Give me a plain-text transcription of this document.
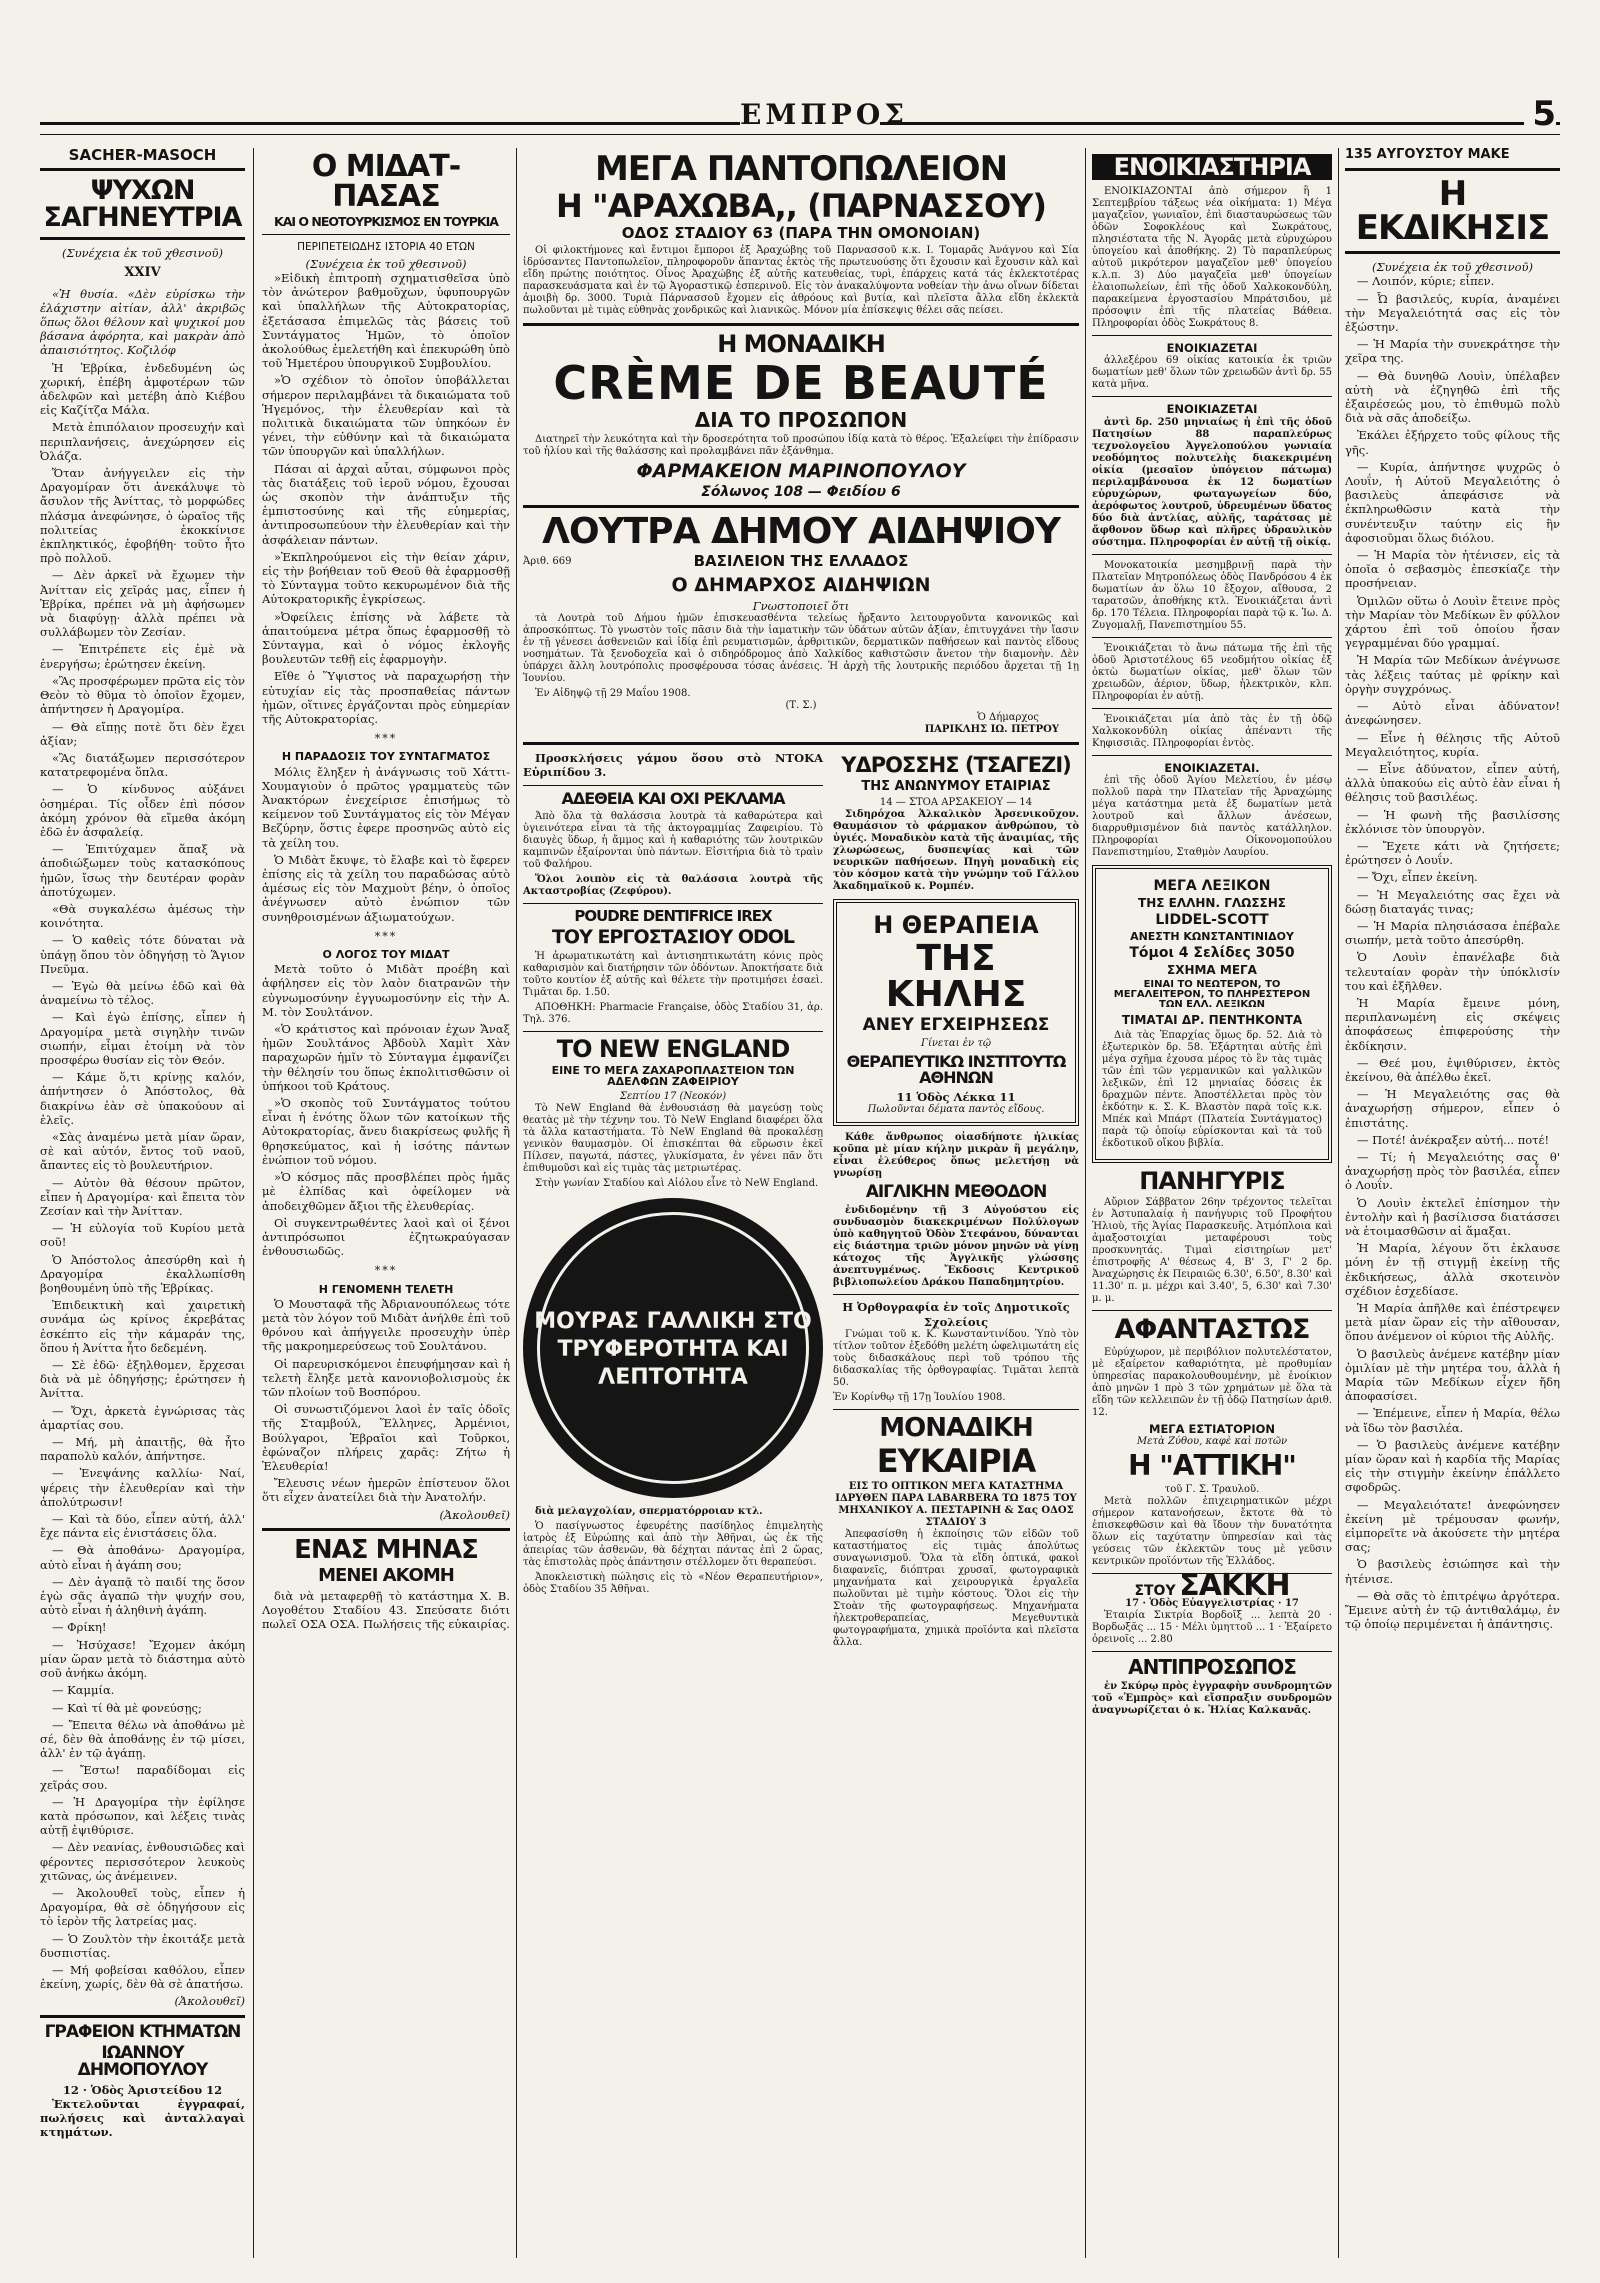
ΕΜΠΡΟΣ	5
SACHER-MASOCH
ΨΥΧΩΝ ΣΑΓΗΝΕΥΤΡΙΑ
(Συνέχεια ἐκ τοῦ χθεσινοῦ)
XXIV

«Ἡ θυσία. «Δὲν εὑρίσκω τὴν ἐλάχιστην αἰτίαν, ἀλλ' ἀκριβῶς ὅπως ὅλοι θέλουν καὶ ψυχικοί μου βάσανα ἀφόρητα, καὶ μακρὰν ἀπὸ ἀπαισιότητος. Κοζιλόφ

Ἡ Ἐβρίκα, ἐνδεδυμένη ὡς χωρική, ἐπέβη ἀμφοτέρων τῶν ἀδελφῶν καὶ μετέβη ἀπὸ Κιέβου εἰς Καζίτζα Μάλα.

Μετὰ ἐπιπόλαιον προσευχήν καὶ περιπλανήσεις, ἀνεχώρησεν εἰς Ὀλάζα.

Ὅταν ἀνήγγειλεν εἰς τὴν Δραγομίραν ὅτι ἀνεκάλυψε τὸ ἄσυλον τῆς Ἀνίττας, τὸ μορφώδες πλάσμα ἀνεφώνησε, ὁ ὡραῖος τῆς πολιτείας ἐκοκκίνισε ἐκπληκτικός, ἐφοβήθη· τοῦτο ἦτο πρὸ πολλοῦ.

— Δὲν ἀρκεῖ νὰ ἔχωμεν τὴν Ἀνίτταν εἰς χεῖράς μας, εἶπεν ἡ Ἐβρίκα, πρέπει νὰ μὴ ἀφήσωμεν νὰ διαφύγῃ· ἀλλὰ πρέπει νὰ συλλάβωμεν τὸν Ζεσίαν.

— Ἐπιτρέπετε εἰς ἐμὲ νὰ ἐνεργήσω; ἐρώτησεν ἐκείνη.

«Ἂς προσφέρωμεν πρῶτα εἰς τὸν Θεὸν τὸ θῦμα τὸ ὁποῖον ἔχομεν, ἀπήντησεν ἡ Δραγομίρα.

— Θὰ εἴπῃς ποτὲ ὅτι δὲν ἔχει ἀξίαν;

«Ἂς διατάξωμεν περισσότερον κατατρεφομένα ὅπλα.

— Ὁ κίνδυνος αὐξάνει ὁσημέραι. Τίς οἶδεν ἐπὶ πόσον ἀκόμη χρόνον θὰ εἴμεθα ἀκόμη ἐδῶ ἐν ἀσφαλείᾳ.

— Ἐπιτύχαμεν ἅπαξ νὰ ἀποδιώξωμεν τοὺς κατασκόπους ἡμῶν, ἴσως τὴν δευτέραν φορὰν ἀποτύχωμεν.

«Θὰ συγκαλέσω ἀμέσως τὴν κοινότητα.

— Ὁ καθεὶς τότε δύναται νὰ ὑπάγῃ ὅπου τὸν ὁδηγήσῃ τὸ Ἅγιον Πνεῦμα.

— Ἐγὼ θὰ μείνω ἐδῶ καὶ θὰ ἀναμείνω τὸ τέλος.

— Καὶ ἐγὼ ἐπίσης, εἶπεν ἡ Δραγομίρα μετὰ σιγηλὴν τινῶν σιωπήν, εἶμαι ἑτοίμη νὰ τὸν προσφέρω θυσίαν εἰς τὸν Θεόν.

— Κάμε ὅ,τι κρίνῃς καλόν, ἀπήντησεν ὁ Ἀπόστολος, θὰ διακρίνω ἐὰν σὲ ὑπακούουν αἱ ἐλεῖς.

«Σὰς ἀναμένω μετὰ μίαν ὥραν, σὲ καὶ αὐτόν, ἔντος τοῦ ναοῦ, ἄπαντες εἰς τὸ βουλευτήριον.

— Αὐτὸν θὰ θέσουν πρῶτον, εἶπεν ἡ Δραγομίρα· καὶ ἔπειτα τὸν Ζεσίαν καὶ τὴν Ἀνίτταν.

— Ἡ εὐλογία τοῦ Κυρίου μετὰ σοῦ!

Ὁ Ἀπόστολος ἀπεσύρθη καὶ ἡ Δραγομίρα ἐκαλλωπίσθη βοηθουμένη ὑπὸ τῆς Ἐβρίκας.

Ἐπιδεικτικὴ καὶ χαιρετικὴ συνάμα ὡς κρίνος ἐκρεβάτας ἐσκέπτο εἰς τὴν κάμαράν της, ὅπου ἡ Ἀνίττα ἦτο δεδεμένη.

— Σὲ ἐδῶ· ἐξηλθομεν, ἔρχεσαι διὰ νὰ μὲ ὁδηγήσῃς; ἐρώτησεν ἡ Ἀνίττα.

— Ὄχι, ἀρκετὰ ἐγνώρισας τὰς ἁμαρτίας σου.

— Μή, μὴ ἀπαιτῇς, θὰ ἦτο παραπολὺ καλόν, ἀπήντησε.

— Ἐνεψάνης καλλίω· Ναί, ψέρεις τὴν ἐλευθερίαν καὶ τὴν ἀπολύτρωσιν!

— Καὶ τὰ δύο, εἶπεν αὐτή, ἀλλ' ἔχε πάντα εἰς ἐνιστάσεις ὅλα.

— Θὰ ἀποθάνω· Δραγομίρα, αὐτὸ εἶναι ἡ ἀγάπη σου;

— Δὲν ἀγαπᾷ τὸ παιδί της ὅσον ἐγὼ σᾶς ἀγαπῶ τὴν ψυχήν σου, αὐτὸ εἶναι ἡ ἀληθινὴ ἀγάπη.

— Φρίκη!

— Ἠσύχασε! Ἔχομεν ἀκόμη μίαν ὥραν μετὰ τὸ διάστημα αὐτὸ σοῦ ἀνήκω ἀκόμη.

— Καμμία.

— Καὶ τί θὰ μὲ φονεύσῃς;

— Ἔπειτα θέλω νὰ ἀποθάνω μὲ σέ, δὲν θὰ ἀποθάνῃς ἐν τῷ μίσει, ἀλλ' ἐν τῷ ἀγάπῃ.

— Ἔστω! παραδίδομαι εἰς χεῖράς σου.

— Ἡ Δραγομίρα τὴν ἐφίλησε κατὰ πρόσωπον, καὶ λέξεις τινὰς αὐτῇ ἐψιθύρισε.

— Δὲν νεανίας, ἐνθουσιῶδες καὶ φέροντες περισσότερον λευκοὺς χιτῶνας, ὡς ἀνέμεινεν.

— Ἀκολουθεῖ τοὺς, εἶπεν ἡ Δραγομίρα, θὰ σὲ ὁδηγήσουν εἰς τὸ ἱερὸν τῆς λατρείας μας.

— Ὁ Ζουλτὸν τὴν ἐκοιτάξε μετὰ δυσπιστίας.

— Μή φοβείσαι καθόλου, εἶπεν ἐκείνη, χωρίς, δὲν θὰ σὲ ἀπατήσω.

(Ἀκολουθεῖ)
ΓΡΑΦΕΙΟΝ ΚΤΗΜΑΤΩΝ
ΙΩΑΝΝΟΥ ΔΗΜΟΠΟΥΛΟΥ
12 · Ὁδὸς Ἀριστείδου 12

Ἐκτελοῦνται ἐγγραφαί, πωλήσεις καὶ ἀνταλλαγαὶ κτημάτων.

Ο ΜΙΔΑΤ-ΠΑΣΑΣ
ΚΑΙ Ο ΝΕΟΤΟΥΡΚΙΣΜΟΣ ΕΝ ΤΟΥΡΚΙΑ
ΠΕΡΙΠΕΤΕΙΩΔΗΣ ΙΣΤΟΡΙΑ 40 ΕΤΩΝ
(Συνέχεια ἐκ τοῦ χθεσινοῦ)

»Εἰδικὴ ἐπιτροπὴ σχηματισθεῖσα ὑπὸ τὸν ἀνώτερον βαθμοῦχων, ὑφυπουργῶν καὶ ὑπαλλήλων τῆς Αὐτοκρατορίας, ἐξετάσασα ἐπιμελῶς τὰς βάσεις τοῦ Συντάγματος Ἡμῶν, τὸ ὁποῖον ἀκολούθως ἐμελετήθη καὶ ἐπεκυρώθη ὑπὸ τοῦ Ἡμετέρου ὑπουργικοῦ Συμβουλίου.

»Ὁ σχέδιον τὸ ὁποῖον ὑποβάλλεται σήμερον περιλαμβάνει τὰ δικαιώματα τοῦ Ἡγεμόνος, τὴν ἐλευθερίαν καὶ τὰ πολιτικὰ δικαιώματα τῶν ὑπηκόων ἐν γένει, τὴν εὐθύνην καὶ τὰ δικαιώματα τῶν ὑπουργῶν καὶ ὑπαλλήλων.

Πάσαι αἱ ἀρχαὶ αὗται, σύμφωνοι πρὸς τὰς διατάξεις τοῦ ἱεροῦ νόμου, ἔχουσαι ὡς σκοπὸν τὴν ἀνάπτυξιν τῆς ἐμπιστοσύνης καὶ τῆς εὐημερίας, ἀντιπροσωπεύουν τὴν ἐλευθερίαν καὶ τὴν ἀσφάλειαν πάντων.

»Ἐκπληρούμενοι εἰς τὴν θείαν χάριν, εἰς τὴν βοήθειαν τοῦ Θεοῦ θὰ ἐφαρμοσθῇ τὸ Σύνταγμα τοῦτο κεκυρωμένον διὰ τῆς Αὐτοκρατορικῆς ἐγκρίσεως.

»Ὀφείλεις ἐπίσης νὰ λάβετε τὰ ἀπαιτούμενα μέτρα ὅπως ἐφαρμοσθῇ τὸ Σύνταγμα, καὶ ὁ νόμος ἐκλογῆς βουλευτῶν τεθῇ εἰς ἐφαρμογὴν.

Εἴθε ὁ Ὕψιστος νὰ παραχωρήσῃ τὴν εὐτυχίαν εἰς τὰς προσπαθείας πάντων ἡμῶν, οἵτινες ἐργάζονται πρὸς εὐημερίαν τῆς Αὐτοκρατορίας.

***
Η ΠΑΡΑΔΟΣΙΣ ΤΟΥ ΣΥΝΤΑΓΜΑΤΟΣ

Μόλις ἔληξεν ἡ ἀνάγνωσις τοῦ Χάττι-Χουμαγιοὺν ὁ πρῶτος γραμματεὺς τῶν Ἀνακτόρων ἐνεχείρισε ἐπισήμως τὸ κείμενον τοῦ Συντάγματος εἰς τὸν Μέγαν Βεζύρην, ὅστις ἐφερε προσηνῶς αὐτὸ εἰς τὰ χείλη του.

Ὁ Μιδὰτ ἔκυψε, τὸ ἔλαβε καὶ τὸ ἔφερεν ἐπίσης εἰς τὰ χείλη του παραδώσας αὐτὸ ἀμέσως εἰς τὸν Μαχμοὺτ βέην, ὁ ὁποῖος ἀνέγνωσεν αὐτὸ ἐνώπιον τῶν συνηθροισμένων ἀξιωματούχων.

***
Ο ΛΟΓΟΣ ΤΟΥ ΜΙΔΑΤ

Μετὰ τοῦτο ὁ Μιδὰτ προέβη καὶ ἀφήλησεν εἰς τὸν λαὸν διατρανῶν τὴν εὐγνωμοσύνην ἐγγυωμοσύνην εἰς τὴν Α. Μ. τὸν Σουλτάνον.

«Ὁ κράτιστος καὶ πρόνοιαν ἐχων Ἄναξ ἡμῶν Σουλτάνος Ἀβδοὺλ Χαμὶτ Χὰν παραχωρῶν ἡμῖν τὸ Σύνταγμα ἐμφανίζει τὴν θέλησίν του ὅπως ἐκπολιτισθῶσιν οἱ ὑπήκοοι τοῦ Κράτους.

»Ὁ σκοπὸς τοῦ Συντάγματος τούτου εἶναι ἡ ἑνότης ὅλων τῶν κατοίκων τῆς Αὐτοκρατορίας, ἄνευ διακρίσεως φυλῆς ἢ θρησκεύματος, καὶ ἡ ἰσότης πάντων ἐνώπιον τοῦ νόμου.

»Ὁ κόσμος πᾶς προσβλέπει πρὸς ἡμᾶς μὲ ἐλπίδας καὶ ὀφείλομεν νὰ ἀποδειχθῶμεν ἄξιοι τῆς ἐλευθερίας.

Οἱ συγκεντρωθέντες λαοὶ καὶ οἱ ξένοι ἀντιπρόσωποι ἐζητωκραύγασαν ἐνθουσιωδῶς.

***
Η ΓΕΝΟΜΕΝΗ ΤΕΛΕΤΗ

Ὁ Μουσταφᾶ τῆς Ἀδριανουπόλεως τότε μετὰ τὸν λόγον τοῦ Μιδὰτ ἀνήλθε ἐπὶ τοῦ θρόνου καὶ ἀπήγγειλε προσευχὴν ὑπὲρ τῆς μακροημερεύσεως τοῦ Σουλτάνου.

Οἱ παρευρισκόμενοι ἐπευφήμησαν καὶ ἡ τελετὴ ἔληξε μετὰ κανονιοβολισμοὺς ἐκ τῶν πλοίων τοῦ Βοσπόρου.

Οἱ συνωστιζόμενοι λαοὶ ἐν ταῖς ὁδοῖς τῆς Σταμβούλ, Ἕλληνες, Ἀρμένιοι, Βούλγαροι, Ἑβραῖοι καὶ Τοῦρκοι, ἐφώναζον πλήρεις χαρᾶς: Ζήτω ἡ Ἐλευθερία!

Ἔλευσις νέων ἡμερῶν ἐπίστευον ὅλοι ὅτι εἶχεν ἀνατείλει διὰ τὴν Ἀνατολήν.

(Ἀκολουθεῖ)
ΕΝΑΣ ΜΗΝΑΣ
ΜΕΝΕΙ ΑΚΟΜΗ

διὰ νὰ μεταφερθῇ τὸ κατάστημα Χ. Β. Λογοθέτου Σταδίου 43. Σπεύσατε διότι πωλεῖ ΟΣΑ ΟΣΑ. Πωλήσεις τῆς εὐκαιρίας.

ΜΕΓΑ ΠΑΝΤΟΠΩΛΕΙΟΝ
Η "ΑΡΑΧΩΒΑ,, (ΠΑΡΝΑΣΣΟΥ)
ΟΔΟΣ ΣΤΑΔΙΟΥ 63 (ΠΑΡΑ ΤΗΝ ΟΜΟΝΟΙΑΝ)

Οἱ φιλοκτήμονες καὶ ἔντιμοι ἔμποροι ἐξ Ἀραχώβης τοῦ Παρνασσοῦ κ.κ. Ι. Τομαρᾶς Ἀνάγνου καὶ Σία ἱδρύσαντες Παντοπωλεῖον, πληροφοροῦν ἅπαντας ἐκτὸς τῆς πρωτευούσης ὅτι ἔχουσιν καὶ ἔχουσιν κὰλ καὶ εἴδη πρώτης ποιότητος. Οἶνος Ἀραχώβης ἐξ αὐτῆς κατευθείας, τυρὶ, ἐπάρχεις κατά τάς ἐκλεκτοτέρας παρασκευάσματα καὶ ἐν τῷ Ἀγοραστικῷ ἑσπερινοῦ. Εἰς τὸν ἀνακαλύψοντα νοθείαν τὴν ἀνω οἴνων δίδεται ἀμοιβὴ δρ. 3000. Τυριὰ Πάρνασσοῦ ἔχομεν εἰς ἀθρόους καὶ βυτία, καὶ πλεῖστα ἄλλα εἴδη ἐκλεκτὰ πωλοῦνται μὲ τιμὰς εὐθηνὰς χονδρικῶς καὶ λιανικῶς. Μόνον μία ἐπίσκεψις θέλει σᾶς πείσει.

Η ΜΟΝΑΔΙΚΗ
CRÈME DE BEAUTÉ
ΔΙΑ ΤΟ ΠΡΟΣΩΠΟΝ

Διατηρεῖ τὴν λευκότητα καὶ τὴν δροσερότητα τοῦ προσώπου ἰδίᾳ κατὰ τὸ θέρος. Ἐξαλείφει τὴν ἐπίδρασιν τοῦ ἡλίου καὶ τῆς θαλάσσης καὶ προλαμβάνει πᾶν ἐξάνθημα.

ΦΑΡΜΑΚΕΙΟΝ ΜΑΡΙΝΟΠΟΥΛΟΥ
Σόλωνος 108 — Φειδίου 6
ΛΟΥΤΡΑ ΔΗΜΟΥ ΑΙΔΗΨΙΟΥ
Ἀριθ. 669	ΒΑΣΙΛΕΙΟΝ ΤΗΣ ΕΛΛΑΔΟΣ
Ο ΔΗΜΑΡΧΟΣ ΑΙΔΗΨΙΩΝ
Γνωστοποιεῖ ὅτι

τὰ Λουτρὰ τοῦ Δήμου ἡμῶν ἐπισκευασθέντα τελείως ἤρξαντο λειτουργοῦντα κανονικῶς καὶ ἀπροσκόπτως. Τὸ γνωστὸν τοῖς πᾶσιν διὰ τὴν ἰαματικὴν τῶν ὑδάτων αὐτῶν ἀξίαν, ἐπιτυγχάνει τὴν ἴασιν ἐν τῇ γένεσει ἀσθενειῶν καὶ ἰδίᾳ ἐπὶ ρευματισμῶν, ἀρθριτικῶν, δερματικῶν παθήσεων καὶ παντὸς εἴδους νοσημάτων. Τὰ ξενοδοχεῖα καὶ ὁ σιδηρόδρομος ἀπὸ Χαλκίδος καθιστῶσιν ἄνετον τὴν διαμονὴν. Δὲν ὑπάρχει ἄλλη λουτρόπολις προσφέρουσα τόσας ἀνέσεις. Ἡ ἀρχὴ τῆς λουτρικῆς περιόδου ἄρχεται τῇ 1ῃ Ἰουνίου.

Ἐν Αἰδηψῷ τῇ 29 Μαΐου 1908.
(Τ. Σ.)
Ὁ Δήμαρχος
ΠΑΡΙΚΛΗΣ ΙΩ. ΠΕΤΡΟΥ

Προσκλήσεις γάμου ὅσου στὸ ΝΤΟΚΑ Εὐριπίδου 3.

ΑΔΕΘΕΙΑ ΚΑΙ ΟΧΙ ΡΕΚΛΑΜΑ

Ἀπὸ ὅλα τὰ θαλάσσια λουτρὰ τὰ καθαρώτερα καὶ ὑγιεινότερα εἶναι τὰ τῆς ἀκτογραμμίας Ζαφειρίου. Τὸ διαυγὲς ὕδωρ, ἡ ἄμμος καὶ ἡ καθαριότης τῶν λουτρικῶν καμπινῶν ἐξαίρονται ὑπὸ πάντων. Εἰσιτήρια διὰ τὸ τραὶν τοῦ Φαλήρου.

Ὅλοι λοιπὸν εἰς τὰ θαλάσσια λουτρὰ τῆς Ακταστροβίας (Ζεφύρου).

POUDRE DENTIFRICE IREX
ΤΟΥ ΕΡΓΟΣΤΑΣΙΟΥ ODOL

Ἡ ἀρωματικωτάτη καὶ ἀντισηπτικωτάτη κόνις πρὸς καθαρισμὸν καὶ διατήρησιν τῶν ὀδόντων. Ἀποκτήσατε διὰ τοῦτο κουτίον ἐξ αὐτῆς καὶ θέλετε τὴν προτιμήσει ἐσαεὶ. Τιμᾶται δρ. 1.50.

ΑΠΟΘΗΚΗ: Pharmacie Française, ὁδὸς Σταδίου 31, ἀρ. Τηλ. 376.

TO NEW ENGLAND
ΕΙΝΕ ΤΟ ΜΕΓΑ ΖΑΧΑΡΟΠΛΑΣΤΕΙΟΝ ΤΩΝ ΑΔΕΛΦΩΝ ΖΑΦΕΙΡΙΟΥ
Σεπτίου 17 (Νεοκόν)

Τὸ NeW England θὰ ἐνθουσιάσῃ θὰ μαγεύσῃ τοὺς θεατὰς μὲ τὴν τέχνην του. Τὸ NeW England διαφέρει ὅλα τὰ ἄλλα καταστήματα. Τὸ NeW England θὰ προκαλέσῃ γενικὸν θαυμασμὸν. Οἱ ἐπισκέπται θὰ εὕρωσιν ἐκεῖ Πίλσεν, παγωτά, πάστες, γλυκίσματα, ἐν γένει πᾶν ὅτι ἐπιθυμοῦσι καὶ εἰς τιμὰς τὰς μετριωτέρας.

Στὴν γωνίαν Σταδίου καὶ Αἰόλου εἶνε τὸ NeW England.

ΜΟΥΡΑΣ ΓΑΛΛΙΚΗ ΣΤΟ ΤΡΥΦΕΡΟΤΗΤΑ ΚΑΙ ΛΕΠΤΟΤΗΤΑ

διὰ μελαγχολίαν, σπερματόρροιαν κτλ.

Ὁ πασίγνωστος ἐφευρέτης πασίδηλος ἐπιμελητὴς ἰατρὸς ἐξ Εὐρώπης καὶ ἀπὸ τὴν Ἀθῆναι, ὡς ἐκ τῆς ἀπειρίας τῶν ἀσθενῶν, θὰ δέχηται πάντας ἐπὶ 2 ὥρας, τὰς ἐπιστολὰς πρὸς ἀπάντησιν στέλλομεν ὅτι θεραπεύσι.

Ἀποκλειστικὴ πώλησις εἰς τὸ «Νέον Θεραπευτήριον», ὁδὸς Σταδίου 35 Ἀθῆναι.

ΥΔΡΟΣΣΗΣ (ΤΣΑΓΕΖΙ)
ΤΗΣ ΑΝΩΝΥΜΟΥ ΕΤΑΙΡΙΑΣ
14 — ΣΤΟΑ ΑΡΣΑΚΕΙΟΥ — 14

Σιδηρόχοα Ἀλκαλικὸν Ἀρσενικοῦχον. Θαυμάσιον τὸ φάρμακον ἀνθρώπου, τὸ ὑγιές. Μοναδικὸν κατὰ τῆς ἀναιμίας, τῆς χλωρώσεως, δυσπεψίας καὶ τῶν νευρικῶν παθήσεων. Πηγὴ μοναδικὴ εἰς τὸν κόσμον κατὰ τὴν γνώμην τοῦ Γάλλου Ἀκαδημαϊκοῦ κ. Ρομπέν.

Η ΘΕΡΑΠΕΙΑ
ΤΗΣ ΚΗΛΗΣ
ΑΝΕΥ ΕΓΧΕΙΡΗΣΕΩΣ
Γίνεται ἐν τῷ
ΘΕΡΑΠΕΥΤΙΚΩ ΙΝΣΤΙΤΟΥΤΩ ΑΘΗΝΩΝ
11 Ὁδὸς Λέκκα 11
Πωλοῦνται δέματα παντὸς εἴδους.

Κάθε ἄνθρωπος οἰασδήποτε ἡλικίας κοῦπα μὲ μίαν κήλην μικρὰν ἢ μεγάλην, εἶναι ἐλεύθερος ὅπως μελετήσῃ νὰ γνωρίσῃ

ΑΙΓΛΙΚΗΝ ΜΕΘΟΔΟΝ

ἐνδιδομένην τῇ 3 Αὐγούστου εἰς συνδυασμὸν διακεκριμένων Πολύλογων ὑπὸ καθηγητοῦ Ὀδὸν Στεφάνου, δύνανται εἰς διάστημα τριῶν μόνον μηνῶν νὰ γίνῃ κάτοχος τῆς Ἀγγλικῆς γλώσσης ἀνεπτυγμένως. Ἔκδοσις Κεντρικοῦ βιβλιοπωλείου Δράκου Παπαδημητρίου.

Η Ὀρθογραφία ἐν τοῖς Δημοτικοῖς Σχολείοις

Γνώμαι τοῦ κ. Κ. Κωνσταντινίδου. Ὑπὸ τὸν τίτλον τοῦτον ἐξεδόθη μελέτη ὠφελιμωτάτη εἰς τοὺς διδασκάλους περὶ τοῦ τρόπου τῆς διδασκαλίας τῆς ὀρθογραφίας. Τιμᾶται λεπτὰ 50.

Ἐν Κορίνθῳ τῇ 17ῃ Ἰουλίου 1908.
ΜΟΝΑΔΙΚΗ
ΕΥΚΑΙΡΙΑ
ΕΙΣ ΤΟ ΟΠΤΙΚΟΝ ΜΕΓΑ ΚΑΤΑΣΤΗΜΑ ΙΔΡΥΘΕΝ ΠΑΡΑ LABARBERA ΤΩ 1875 ΤΟΥ ΜΗΧΑΝΙΚΟΥ Α. ΠΕΣΤΑΡΙΝΗ & Σας ΟΔΟΣ ΣΤΑΔΙΟΥ 3

Ἀπεφασίσθη ἡ ἐκποίησις τῶν εἰδῶν τοῦ καταστήματος εἰς τιμὰς ἀπολύτως συναγωνισμοῦ. Ὅλα τὰ εἴδη ὀπτικά, φακοὶ διαφανεῖς, διόπτραι χρυσαῖ, φωτογραφικὰ μηχανήματα καὶ χειρουργικὰ ἐργαλεῖα πωλοῦνται μὲ τιμὴν κόστους. Ὅλοι εἰς τὴν Στοὰν τῆς φωτογραφήσεως. Μηχανήματα ἠλεκτροθεραπείας, Μεγεθυντικὰ φωτογραφήματα, χημικὰ προϊόντα καὶ πλεῖστα ἄλλα.

ΕΝΟΙΚΙΑΣΤΗΡΙΑ

ΕΝΟΙΚΙΑΖΟΝΤΑΙ ἀπὸ σήμερον ἢ 1 Σεπτεμβρίου τάξεως νέα οἰκήματα: 1) Μέγα μαγαζεῖον, γωνιαῖον, ἐπὶ διασταυρώσεως τῶν ὁδῶν Σοφοκλέους καὶ Σωκράτους, πλησιέστατα τῆς Ν. Ἀγορᾶς μετὰ εὐρυχώρου ὑπογείου καὶ ἀποθήκης. 2) Τὸ παραπλεύρως αὐτοῦ μικρότερον μαγαζεῖον μεθ' ὑπογείου κ.λ.π. 3) Δύο μαγαζεῖα μεθ' ὑπογείων ἐλαιοπωλείων, ἐπὶ τῆς ὁδοῦ Χαλκοκονδύλη, παρακείμενα ἐργοστασίου Μπράτσιδου, μὲ πρόσοψιν ἐπὶ τῆς πλατείας Βάθεια. Πληροφορίαι ὁδὸς Σωκράτους 8.

ΕΝΟΙΚΙΑΖΕΤΑΙ

ἀλλεξέρου 69 οἰκίας κατοικία ἐκ τριῶν δωματίων μεθ' ὅλων τῶν χρειωδῶν ἀντὶ δρ. 55 κατὰ μῆνα.

ΕΝΟΙΚΙΑΖΕΤΑΙ

ἀντὶ δρ. 250 μηνιαίως ἡ ἐπὶ τῆς ὁδοῦ Πατησίων 88 παραπλεύρως τεχνολογεῖου Ἀγγελοπούλου γωνιαία νεοδόμητος πολυτελὴς διακεκριμένη οἰκία (μεσαῖον ὑπόγειον πάτωμα) περιλαμβάνουσα ἐκ 12 δωματίων εὐρυχώρων, φωταγωγείων δύο, ἀερόφωτος λουτροῦ, ὑδρευμένων ὕδατος δύο διὰ ἀντλίας, αὐλῆς, ταράτσας μὲ ἄφθονον ὕδωρ καὶ πλῆρες ὑδραυλικὸν σύστημα. Πληροφορίαι ἐν αὐτῇ τῇ οἰκίᾳ.

Μονοκατοικία μεσημβρινῇ παρὰ τὴν Πλατεῖαν Μητροπόλεως ὁδὸς Πανδρόσου 4 ἐκ δωματίων ἀν ὅλω 10 ἔξοχον, αἴθουσα, 2 ταρατσῶν, ἀποθήκης κτλ. Ἐνοικιάζεται ἀντὶ δρ. 170 Τέλεια. Πληροφορίαι παρὰ τῷ κ. Ἰω. Δ. Ζυγομαλῇ, Πανεπιστημίου 55.

Ἐνοικιάζεται τὸ ἄνω πάτωμα τῆς ἐπὶ τῆς ὁδοῦ Ἀριστοτέλους 65 νεοδμήτου οἰκίας ἐξ ὀκτὼ δωματίων οἰκίας, μεθ' ὅλων τῶν χρειωδῶν, ἀέριον, ὕδωρ, ἠλεκτρικὸν, κλπ. Πληροφορίαι ἐν αὐτῇ.

Ἐνοικιάζεται μία ἀπὸ τὰς ἐν τῇ ὁδῷ Χαλκοκονδύλη οἰκίας ἀπέναντι τῆς Κηφισσιᾶς. Πληροφορίαι ἐντὸς.

ΕΝΟΙΚΙΑΖΕΤΑΙ.

ἐπὶ τῆς ὁδοῦ Ἀγίου Μελετίου, ἐν μέσῳ πολλοῦ παρὰ την Πλατεῖαν τῆς Ἀρναχώμης μέγα κατάστημα μετὰ ἐξ δωματίων μετὰ λουτροῦ καὶ ἄλλων ἀνέσεων, διαρρυθμισμένον διὰ παντὸς κατάλληλον. Πληροφορίαι Οἰκονομοπούλου Πανεπιστημίου, Σταθμὸν Λαυρίου.

ΜΕΓΑ ΛΕΞΙΚΟΝ
ΤΗΣ ΕΛΛΗΝ. ΓΛΩΣΣΗΣ
LIDDEL-SCOTT
ΑΝΕΣΤΗ ΚΩΝΣΤΑΝΤΙΝΙΔΟΥ
Τόμοι 4 Σελίδες 3050
ΣΧΗΜΑ ΜΕΓΑ
ΕΙΝΑΙ ΤΟ ΝΕΩΤΕΡΟΝ, ΤΟ ΜΕΓΑΛΕΙΤΕΡΟΝ, ΤΟ ΠΛΗΡΕΣΤΕΡΟΝ ΤΩΝ ΕΛΛ. ΛΕΞΙΚΩΝ
ΤΙΜΑΤΑΙ ΔΡ. ΠΕΝΤΗΚΟΝΤΑ

Διὰ τὰς Ἐπαρχίας ὅμως δρ. 52. Διὰ τὸ ἐξωτερικὸν δρ. 58. Ἑξάρτηται αὐτῆς ἐπὶ μέγα σχῆμα ἐχουσα μέρος τὸ ἓν τὰς τιμὰς τῶν ἐπὶ τῶν γερμανικῶν καὶ γαλλικῶν λεξικῶν, ἐπὶ 12 μηνιαίας δόσεις ἐκ δραχμῶν πέντε. Ἀποστέλλεται πρὸς τὸν ἐκδότην κ. Σ. Κ. Βλαστὸν παρὰ τοῖς κ.κ. Μπέκ καὶ Μπάρτ (Πλατεία Συντάγματος) παρὰ τῷ ὁποίῳ εὑρίσκονται καὶ τὰ τοῦ ἐκδοτικοῦ οἴκου βιβλία.

ΠΑΝΗΓΥΡΙΣ

Αὔριον Σάββατον 26ην τρέχοντος τελεῖται ἐν Ἀστυπαλαίᾳ ἡ πανήγυρις τοῦ Προφήτου Ἠλιοὺ, τῆς Ἁγίας Παρασκευῆς. Ἀτμόπλοια καὶ ἀμαξοστοιχίαι μεταφέρουσι τοὺς προσκυνητάς. Τιμαὶ εἰσιτηρίων μετ' ἐπιστροφῆς Α' θέσεως 4, Β' 3, Γ' 2 δρ. Ἀναχώρησις ἐκ Πειραιῶς 6.30', 6.50', 8.30' καὶ 11.30' π. μ. μέχρι καὶ 3.40', 5, 6.30' καὶ 7.30' μ. μ.

ΑΦΑΝΤΑΣΤΩΣ

Εὐρύχωρον, μὲ περιβόλιον πολυτελέστατον, μὲ εξαίρετον καθαριότητα, μὲ προθυμίαν ὑπηρεσίας παρακολουθουμένην, μὲ ἐνοίκιον ἀπὸ μηνῶν 1 πρὸ 3 τῶν χρημάτων μὲ ὅλα τὰ εἴδη τῶν κελλειπῶν ἐν τῇ ὁδῷ Πατησίων ἀριθ. 12.

ΜΕΓΑ ΕΣΤΙΑΤΟΡΙΟΝ
Μετὰ Ζύθου, καφὲ καὶ ποτῶν
Η "ΑΤΤΙΚΗ"
τοῦ Γ. Σ. Τραυλοῦ.

Μετὰ πολλῶν ἐπιχειρηματικῶν μέχρι σήμερον κατανοήσεων, ἔκτοτε θὰ τὸ ἐπισκεφθῶσιν καὶ θὰ ἴδουν τὴν δυνατότητα ὅλων εἰς ταχύτατην ὑπηρεσίαν καὶ τὰς γεύσεις τῶν ἐκλεκτῶν τους μὲ γεῦσιν κεντρικῶν προϊόντων τῆς Ἑλλάδος.

ΣΤΟΥ ΣΑΚΚΗ
17 · Ὁδὸς Εὐαγγελιστρίας · 17

Ἐταιρία Σικτρία Βορδοῖξ ... λεπτὰ 20 · Βορδωξᾶς ... 15 · Μέλι ὑμηττοῦ ... 1 · Ἐξαίρετο ὀρεινοῖς ... 2.80

ΑΝΤΙΠΡΟΣΩΠΟΣ

ἐν Σκύρῳ πρὸς ἐγγραφὴν συνδρομητῶν τοῦ «Ἐμπρὸς» καὶ εἴσπραξιν συνδρομῶν ἀναγνωρίζεται ὁ κ. Ἠλίας Καλκανᾶς.

135 ΑΥΓΟΥΣΤΟΥ ΜΑΚΕ
Η ΕΚΔΙΚΗΣΙΣ
(Συνέχεια ἐκ τοῦ χθεσινοῦ)

— Λοιπόν, κύριε; εἶπεν.

— Ὦ βασιλεύς, κυρία, ἀναμένει τὴν Μεγαλειότητά σας εἰς τὸν ἐξώστην.

— Ἡ Μαρία τὴν συνεκράτησε τὴν χεῖρα της.

— Θὰ δυνηθῶ Λουὶν, ὑπέλαβεν αὐτὴ νὰ ἐζηγηθῶ ἐπὶ τῆς ἐξαιρέσεώς μου, τὸ ἐπιθυμῶ πολὺ διὰ νὰ σᾶς ἀποδείξω.

Ἐκάλει ἐξήρχετο τοῦς φίλους τῆς γῆς.

— Κυρία, ἀπήντησε ψυχρῶς ὁ Λουΐν, ἡ Αὐτοῦ Μεγαλειότης ὁ βασιλεὺς ἀπεφάσισε νὰ ἐκπληρωθῶσιν κατὰ τὴν συνέντευξιν ταύτην εἰς ἣν ἀφοσιοῦμαι ὅλως διόλου.

— Ἡ Μαρία τὸν ἠτένισεν, εἰς τὰ ὁποῖα ὁ σεβασμὸς ἐπεσκίαζε τὴν προσήνειαν.

Ὁμιλῶν οὕτω ὁ Λουὶν ἔτεινε πρὸς τὴν Μαρίαν τὸν Μεδίκων ἓν φύλλον χάρτου ἐπὶ τοῦ ὁποίου ἦσαν γεγραμμέναι δύο γραμμαί.

Ἡ Μαρία τῶν Μεδίκων ἀνέγνωσε τὰς λέξεις ταύτας μὲ φρίκην καὶ ὀργὴν συγχρόνως.

— Αὐτὸ εἶναι ἀδύνατον! ἀνεφώνησεν.

— Εἶνε ἡ θέλησις τῆς Αὐτοῦ Μεγαλειότητος, κυρία.

— Εἶνε ἀδύνατον, εἶπεν αὐτή, ἀλλὰ ὑπακούω εἰς αὐτὸ ἐὰν εἶναι ἡ θέλησις τοῦ βασιλέως.

— Ἡ φωνὴ τῆς βασιλίσσης ἐκλόνισε τὸν ὑπουργὸν.

— Ἔχετε κάτι νὰ ζητήσετε; ἐρώτησεν ὁ Λουΐν.

— Ὄχι, εἶπεν ἐκείνη.

— Ἡ Μεγαλειότης σας ἔχει νὰ δώσῃ διαταγάς τινας;

— Ἡ Μαρία πλησιάσασα ἐπέβαλε σιωπήν, μετὰ τοῦτο ἀπεσύρθη.

Ὁ Λουὶν ἐπανέλαβε διὰ τελευταίαν φορὰν τὴν ὑπόκλισίν του καὶ ἐξῆλθεν.

Ἡ Μαρία ἔμεινε μόνη, περιπλανωμένη εἰς σκέψεις ἀποφάσεως ἐπιφερούσης τὴν ἐκδίκησιν.

— Θεέ μου, ἐψιθύρισεν, ἐκτὸς ἐκείνου, θὰ ἀπέλθω ἐκεῖ.

— Ἡ Μεγαλειότης σας θὰ ἀναχωρήσῃ σήμερον, εἶπεν ὁ ἐπιστάτης.

— Ποτέ! ἀνέκραξεν αὐτή... ποτέ!

— Τί; ἡ Μεγαλειότης σας θ' ἀναχωρήσῃ πρὸς τὸν βασιλέα, εἶπεν ὁ Λουΐν.

Ὁ Λουὶν ἐκτελεῖ ἐπίσημον τὴν ἐντολὴν καὶ ἡ βασίλισσα διατάσσει νὰ ἑτοιμασθῶσιν αἱ ἅμαξαι.

Ἡ Μαρία, λέγουν ὅτι ἐκλαυσε μόνη ἐν τῇ στιγμῇ ἐκείνῃ τῆς ἐκδικήσεως, ἀλλὰ σκοτεινὸν σχέδιον ἐσχεδίασε.

Ἡ Μαρία ἀπῆλθε καὶ ἐπέστρεψεν μετὰ μίαν ὥραν εἰς τὴν αἴθουσαν, ὅπου ἀνέμενον οἱ κύριοι τῆς Αὐλῆς.

Ὁ βασιλεὺς ἀνέμενε κατέβην μίαν ὁμιλίαν μὲ τὴν μητέρα του, ἀλλὰ ἡ Μαρία τῶν Μεδίκων εἶχεν ἤδη ἀποφασίσει.

— Ἐπέμεινε, εἶπεν ἡ Μαρία, θέλω νὰ ἴδω τὸν βασιλέα.

— Ὁ βασιλεὺς ἀνέμενε κατέβην μίαν ὥραν καὶ ἡ καρδία τῆς Μαρίας εἰς τὴν στιγμὴν ἐκείνην ἐπάλλετο σφοδρῶς.

— Μεγαλειότατε! ἀνεφώνησεν ἐκείνη μὲ τρέμουσαν φωνήν, εἰμπορεῖτε νὰ ἀκούσετε τὴν μητέρα σας;

Ὁ βασιλεὺς ἐσιώπησε καὶ τὴν ἠτένισε.

— Θὰ σᾶς τὸ ἐπιτρέψω ἀργότερα. Ἔμεινε αὐτὴ ἐν τῷ ἀντιθαλάμῳ, ἐν τῷ ὁποίῳ περιμένεται ἡ ἀπάντησις.
